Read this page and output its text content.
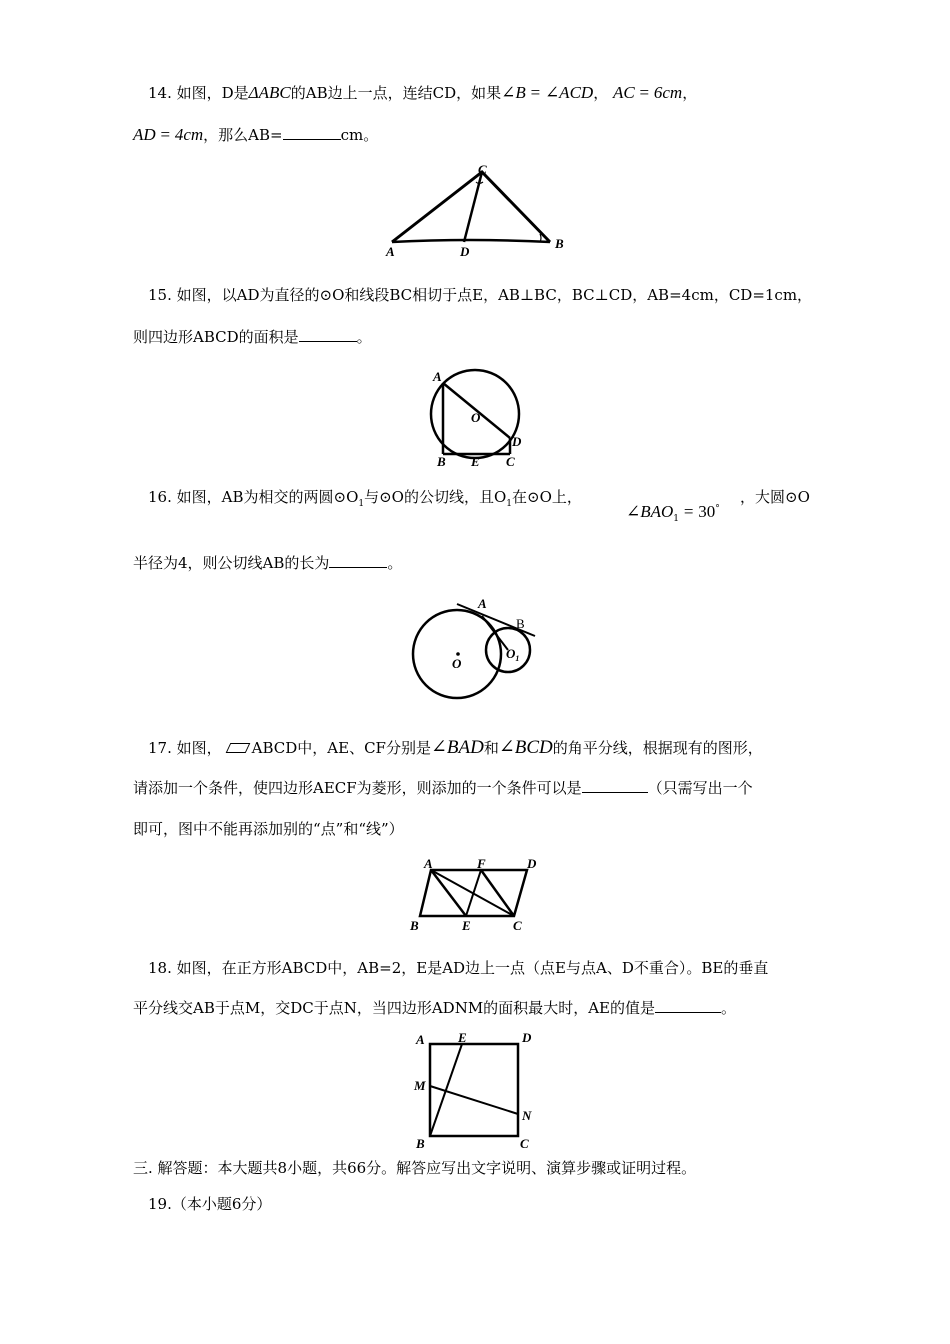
14. 如图，D是ΔABC的AB边上一点，连结CD，如果∠B = ∠ACD， AC = 6cm，
AD = 4cm，那么AB=	cm。
A
B
C
D
15. 如图，以AD为直径的⊙O和线段BC相切于点E，AB⊥BC，BC⊥CD，AB=4cm，CD=1cm，
则四边形ABCD的面积是	。
A
O
D
B E C
16. 如图，AB为相交的两圆$⊙O_1$与⊙O的公切线，且$O_1$在⊙O上，
$\angle BAO_1 = 30^\circ$
，大圆⊙O
半径为4，则公切线AB的长为	。
A
B
O
$O_1$
17. 如图， ABCD中，AE、CF分别是∠BAD和∠BCD的角平分线，根据现有的图形，
请添加一个条件，使四边形AECF为菱形，则添加的一个条件可以是	（只需写出一个
即可，图中不能再添加别的“点”和“线”）
A	F	D
B	E	C
18. 如图，在正方形ABCD中，AB=2，E是AD边上一点（点E与点A、D不重合）。BE的垂直
平分线交AB于点M，交DC于点N，当四边形ADNM的面积最大时，AE的值是	。
A	E	D
M
N
B	C
三. 解答题：本大题共8小题，共66分。解答应写出文字说明、演算步骤或证明过程。
19.（本小题6分）
